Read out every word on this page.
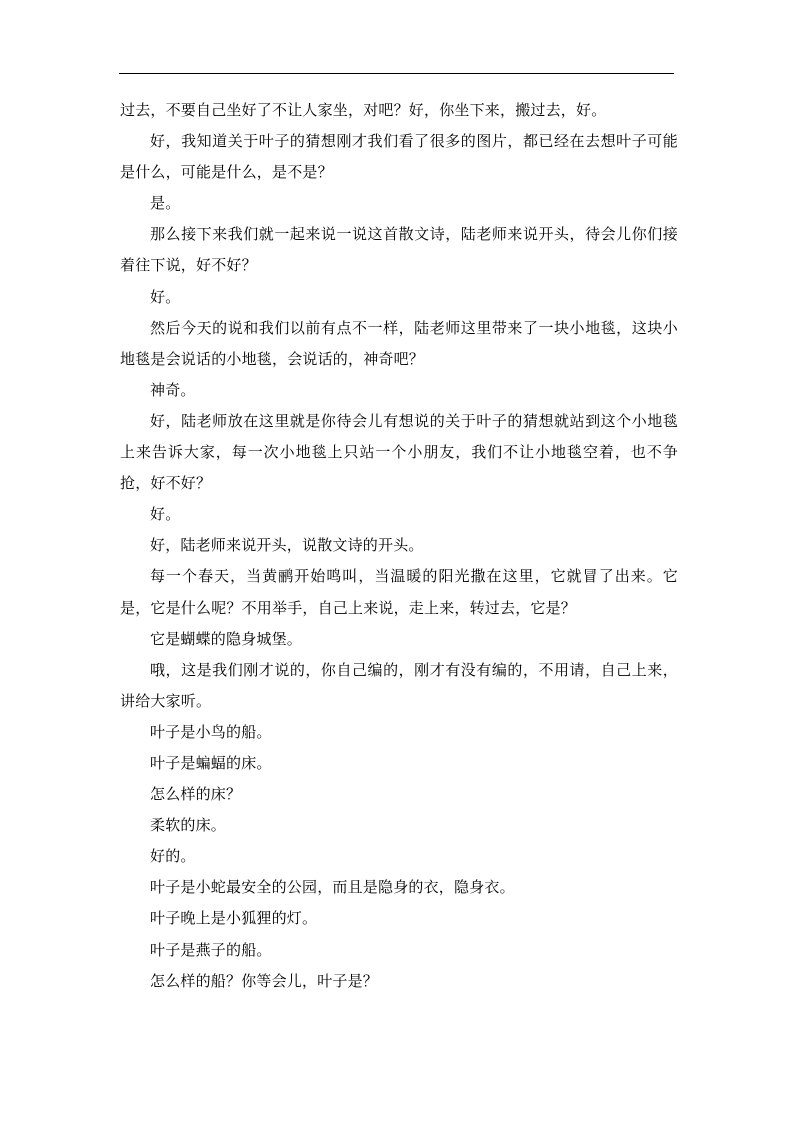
过去，不要自己坐好了不让人家坐，对吧？好，你坐下来，搬过去，好。

好，我知道关于叶子的猜想刚才我们看了很多的图片，都已经在去想叶子可能是什么，可能是什么，是不是？

是。

那么接下来我们就一起来说一说这首散文诗，陆老师来说开头，待会儿你们接着往下说，好不好？

好。

然后今天的说和我们以前有点不一样，陆老师这里带来了一块小地毯，这块小地毯是会说话的小地毯，会说话的，神奇吧？

神奇。

好，陆老师放在这里就是你待会儿有想说的关于叶子的猜想就站到这个小地毯上来告诉大家，每一次小地毯上只站一个小朋友，我们不让小地毯空着，也不争抢，好不好？

好。

好，陆老师来说开头，说散文诗的开头。

每一个春天，当黄鹂开始鸣叫，当温暖的阳光撒在这里，它就冒了出来。它是，它是什么呢？不用举手，自己上来说，走上来，转过去，它是？

它是蝴蝶的隐身城堡。

哦，这是我们刚才说的，你自己编的，刚才有没有编的，不用请，自己上来，讲给大家听。

叶子是小鸟的船。

叶子是蝙蝠的床。

怎么样的床？

柔软的床。

好的。

叶子是小蛇最安全的公园，而且是隐身的衣，隐身衣。

叶子晚上是小狐狸的灯。

叶子是燕子的船。

怎么样的船？你等会儿，叶子是？
